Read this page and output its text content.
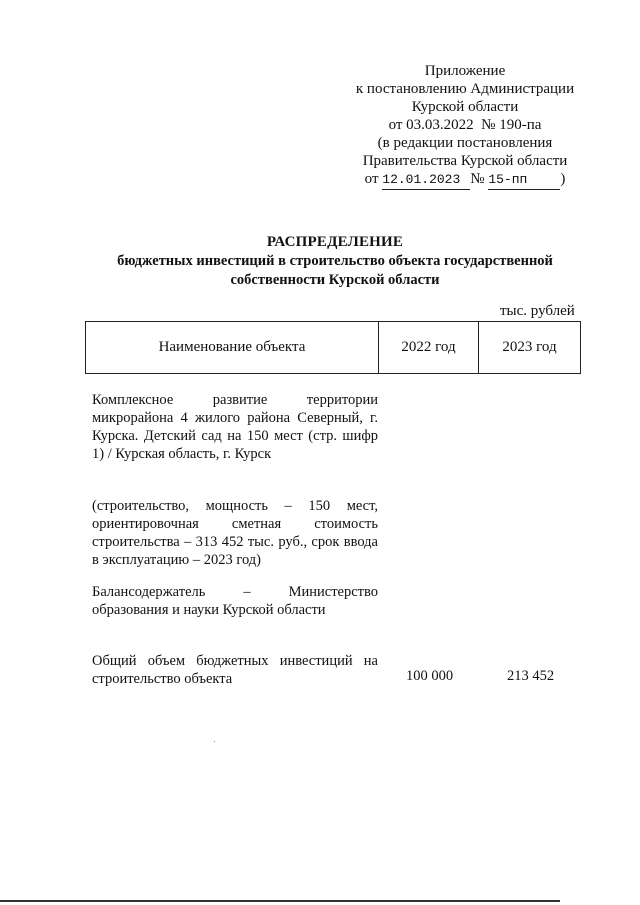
Приложение
к постановлению Администрации
Курской области
от 03.03.2022 № 190-па
(в редакции постановления
Правительства Курской области
от 12.01.2023 № 15-пп )
РАСПРЕДЕЛЕНИЕ
бюджетных инвестиций в строительство объекта государственной
собственности Курской области
тыс. рублей
Наименование объекта	2022 год	2023 год
Комплексное развитие территории микрорайона 4 жилого района Северный, г. Курска. Детский сад на 150 мест (стр. шифр 1) / Курская область, г. Курск
(строительство, мощность – 150 мест, ориентировочная сметная стоимость строительства – 313 452 тыс. руб., срок ввода в эксплуатацию – 2023 год)
Балансодержатель – Министерство образования и науки Курской области
Общий объем бюджетных инвестиций на строительство объекта	100 000	213 452
